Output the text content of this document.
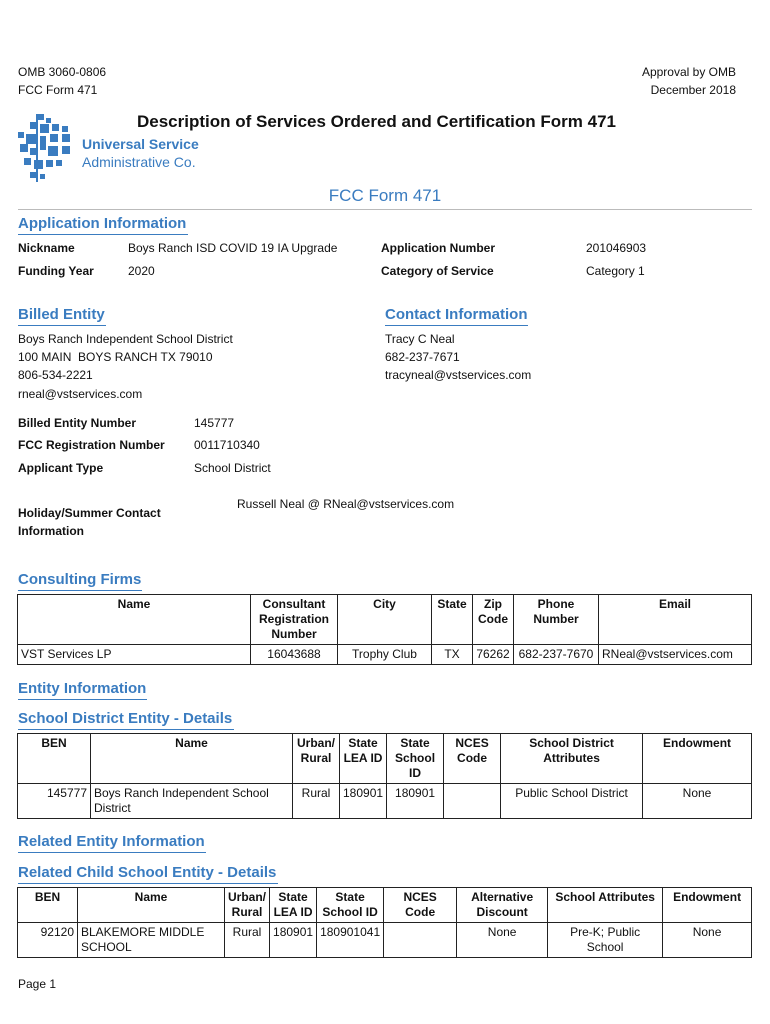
OMB 3060-0806
FCC Form 471
Approval by OMB
December 2018
Universal Service
Administrative Co.
Description of Services Ordered and Certification Form 471
FCC Form 471
Application Information
Nickname	Boys Ranch ISD COVID 19 IA Upgrade
Funding Year	2020
Application Number	201046903
Category of Service	Category 1
Billed Entity
Boys Ranch Independent School District
100 MAIN  BOYS RANCH TX 79010
806-534-2221
rneal@vstservices.com
Contact Information
Tracy C Neal
682-237-7671
tracyneal@vstservices.com
Billed Entity Number	145777
FCC Registration Number 0011710340
Applicant Type	School District
Holiday/Summer Contact
Information
Russell Neal @ RNeal@vstservices.com
Consulting Firms
Name	Consultant Registration Number	City	State	Zip Code	Phone Number	Email
VST Services LP	16043688	Trophy Club	TX	76262	682-237-7670	RNeal@vstservices.com
Entity Information
School District Entity - Details
BEN	Name	Urban/ Rural	State LEA ID	State School ID	NCES Code	School District Attributes	Endowment
145777	Boys Ranch Independent School District	Rural	180901	180901		Public School District	None
Related Entity Information
Related Child School Entity - Details
BEN	Name	Urban/ Rural	State LEA ID	State School ID	NCES Code	Alternative Discount	School Attributes	Endowment
92120	BLAKEMORE MIDDLE SCHOOL	Rural	180901	180901041		None	Pre-K; Public School	None
Page 1
